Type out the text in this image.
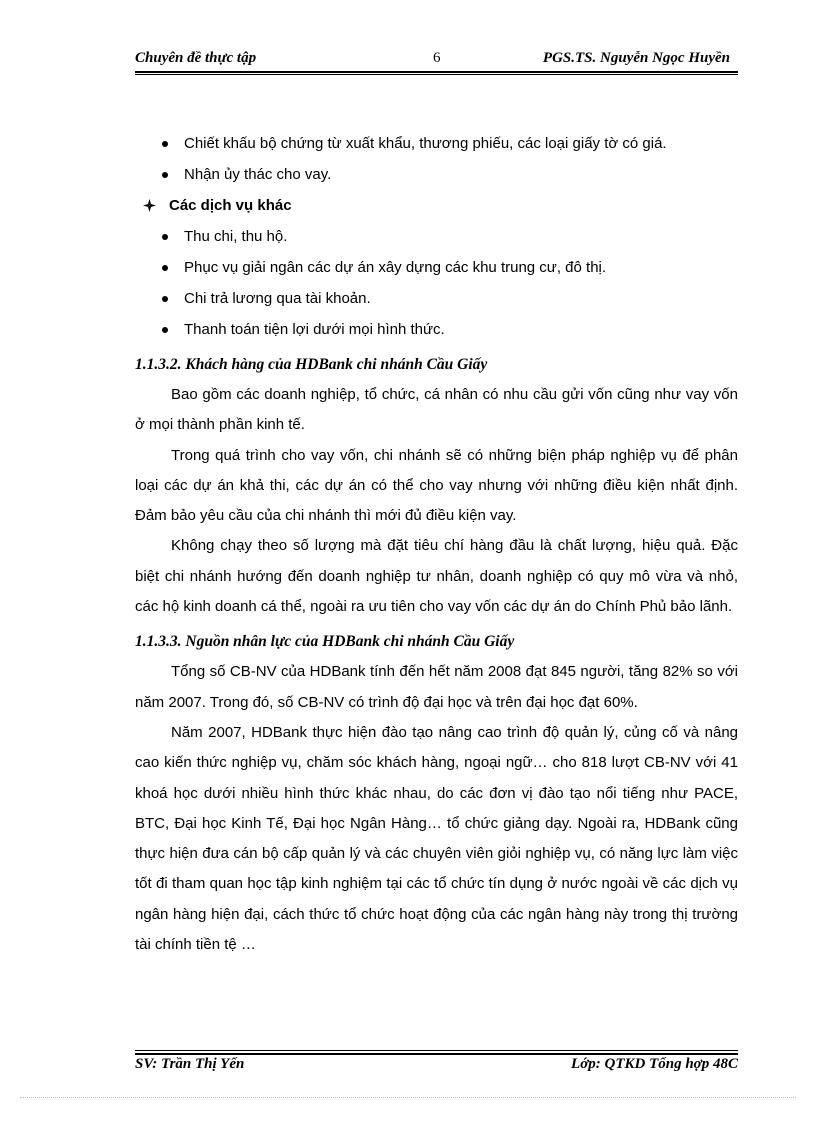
Chuyên đề thực tập	6	PGS.TS. Nguyễn Ngọc Huyền
Chiết khấu bộ chứng từ xuất khẩu, thương phiếu, các loại giấy tờ có giá.
Nhận ủy thác cho vay.
Các dịch vụ khác
Thu chi, thu hộ.
Phục vụ giải ngân các dự án xây dựng các khu trung cư, đô thị.
Chi trả lương qua tài khoản.
Thanh toán tiện lợi dưới mọi hình thức.
1.1.3.2. Khách hàng của HDBank chi nhánh Cầu Giấy

Bao gồm các doanh nghiệp, tổ chức, cá nhân có nhu cầu gửi vốn cũng như vay vốn ở mọi thành phần kinh tế.

Trong quá trình cho vay vốn, chi nhánh sẽ có những biện pháp nghiệp vụ để phân loại các dự án khả thi, các dự án có thể cho vay nhưng với những điều kiện nhất định. Đảm bảo yêu cầu của chi nhánh thì mới đủ điều kiện vay.

Không chạy theo số lượng mà đặt tiêu chí hàng đầu là chất lượng, hiệu quả. Đặc biệt chi nhánh hướng đến doanh nghiệp tư nhân, doanh nghiệp có quy mô vừa và nhỏ, các hộ kinh doanh cá thể, ngoài ra ưu tiên cho vay vốn các dự án do Chính Phủ bảo lãnh.

1.1.3.3. Nguồn nhân lực của HDBank chi nhánh Cầu Giấy

Tổng số CB-NV của HDBank tính đến hết năm 2008 đạt 845 người, tăng 82% so với năm 2007. Trong đó, số CB-NV có trình độ đại học và trên đại học đạt 60%.

Năm 2007, HDBank thực hiện đào tạo nâng cao trình độ quản lý, củng cố và nâng cao kiến thức nghiệp vụ, chăm sóc khách hàng, ngoại ngữ… cho 818 lượt CB-NV với 41 khoá học dưới nhiều hình thức khác nhau, do các đơn vị đào tạo nổi tiếng như PACE, BTC, Đại học Kinh Tế, Đại học Ngân Hàng… tổ chức giảng dạy. Ngoài ra, HDBank cũng thực hiện đưa cán bộ cấp quản lý và các chuyên viên giỏi nghiệp vụ, có năng lực làm việc tốt đi tham quan học tập kinh nghiệm tại các tổ chức tín dụng ở nước ngoài về các dịch vụ ngân hàng hiện đại, cách thức tổ chức hoạt động của các ngân hàng này trong thị trường tài chính tiền tệ …

SV: Trần Thị Yến	Lớp: QTKD Tổng hợp 48C
